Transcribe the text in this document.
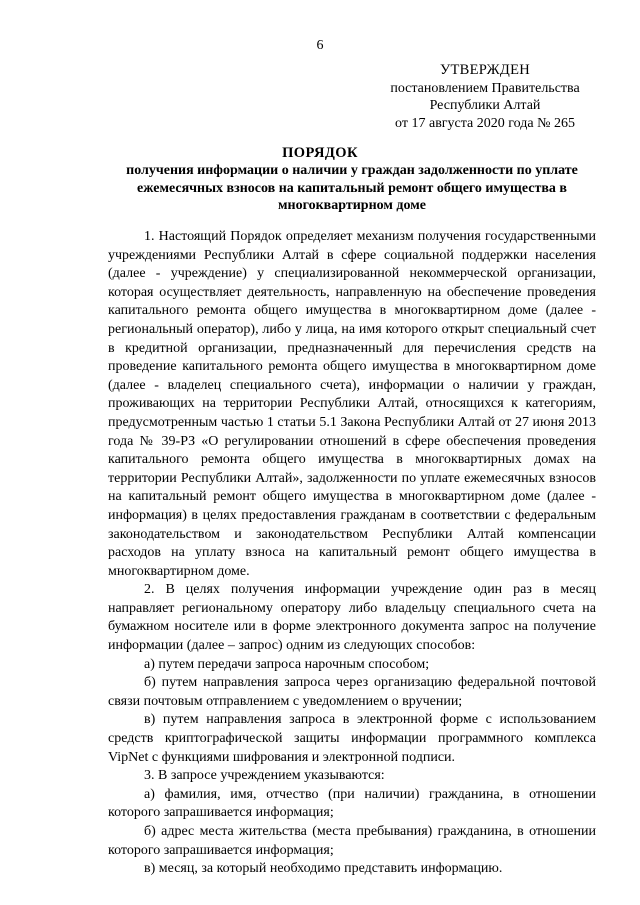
6
УТВЕРЖДЕН
постановлением Правительства
Республики Алтай
от 17 августа 2020 года № 265
ПОРЯДОК
получения информации о наличии у граждан задолженности по уплате ежемесячных взносов на капитальный ремонт общего имущества в многоквартирном доме

1. Настоящий Порядок определяет механизм получения государственными учреждениями Республики Алтай в сфере социальной поддержки населения (далее - учреждение) у специализированной некоммерческой организации, которая осуществляет деятельность, направленную на обеспечение проведения капитального ремонта общего имущества в многоквартирном доме (далее - региональный оператор), либо у лица, на имя которого открыт специальный счет в кредитной организации, предназначенный для перечисления средств на проведение капитального ремонта общего имущества в многоквартирном доме (далее - владелец специального счета), информации о наличии у граждан, проживающих на территории Республики Алтай, относящихся к категориям, предусмотренным частью 1 статьи 5.1 Закона Республики Алтай от 27 июня 2013 года № 39-РЗ «О регулировании отношений в сфере обеспечения проведения капитального ремонта общего имущества в многоквартирных домах на территории Республики Алтай», задолженности по уплате ежемесячных взносов на капитальный ремонт общего имущества в многоквартирном доме (далее - информация) в целях предоставления гражданам в соответствии с федеральным законодательством и законодательством Республики Алтай компенсации расходов на уплату взноса на капитальный ремонт общего имущества в многоквартирном доме.

2. В целях получения информации учреждение один раз в месяц направляет региональному оператору либо владельцу специального счета на бумажном носителе или в форме электронного документа запрос на получение информации (далее – запрос) одним из следующих способов:

а) путем передачи запроса нарочным способом;

б) путем направления запроса через организацию федеральной почтовой связи почтовым отправлением с уведомлением о вручении;

в) путем направления запроса в электронной форме с использованием средств криптографической защиты информации программного комплекса VipNet с функциями шифрования и электронной подписи.

3. В запросе учреждением указываются:

а) фамилия, имя, отчество (при наличии) гражданина, в отношении которого запрашивается информация;

б) адрес места жительства (места пребывания) гражданина, в отношении которого запрашивается информация;

в) месяц, за который необходимо представить информацию.
